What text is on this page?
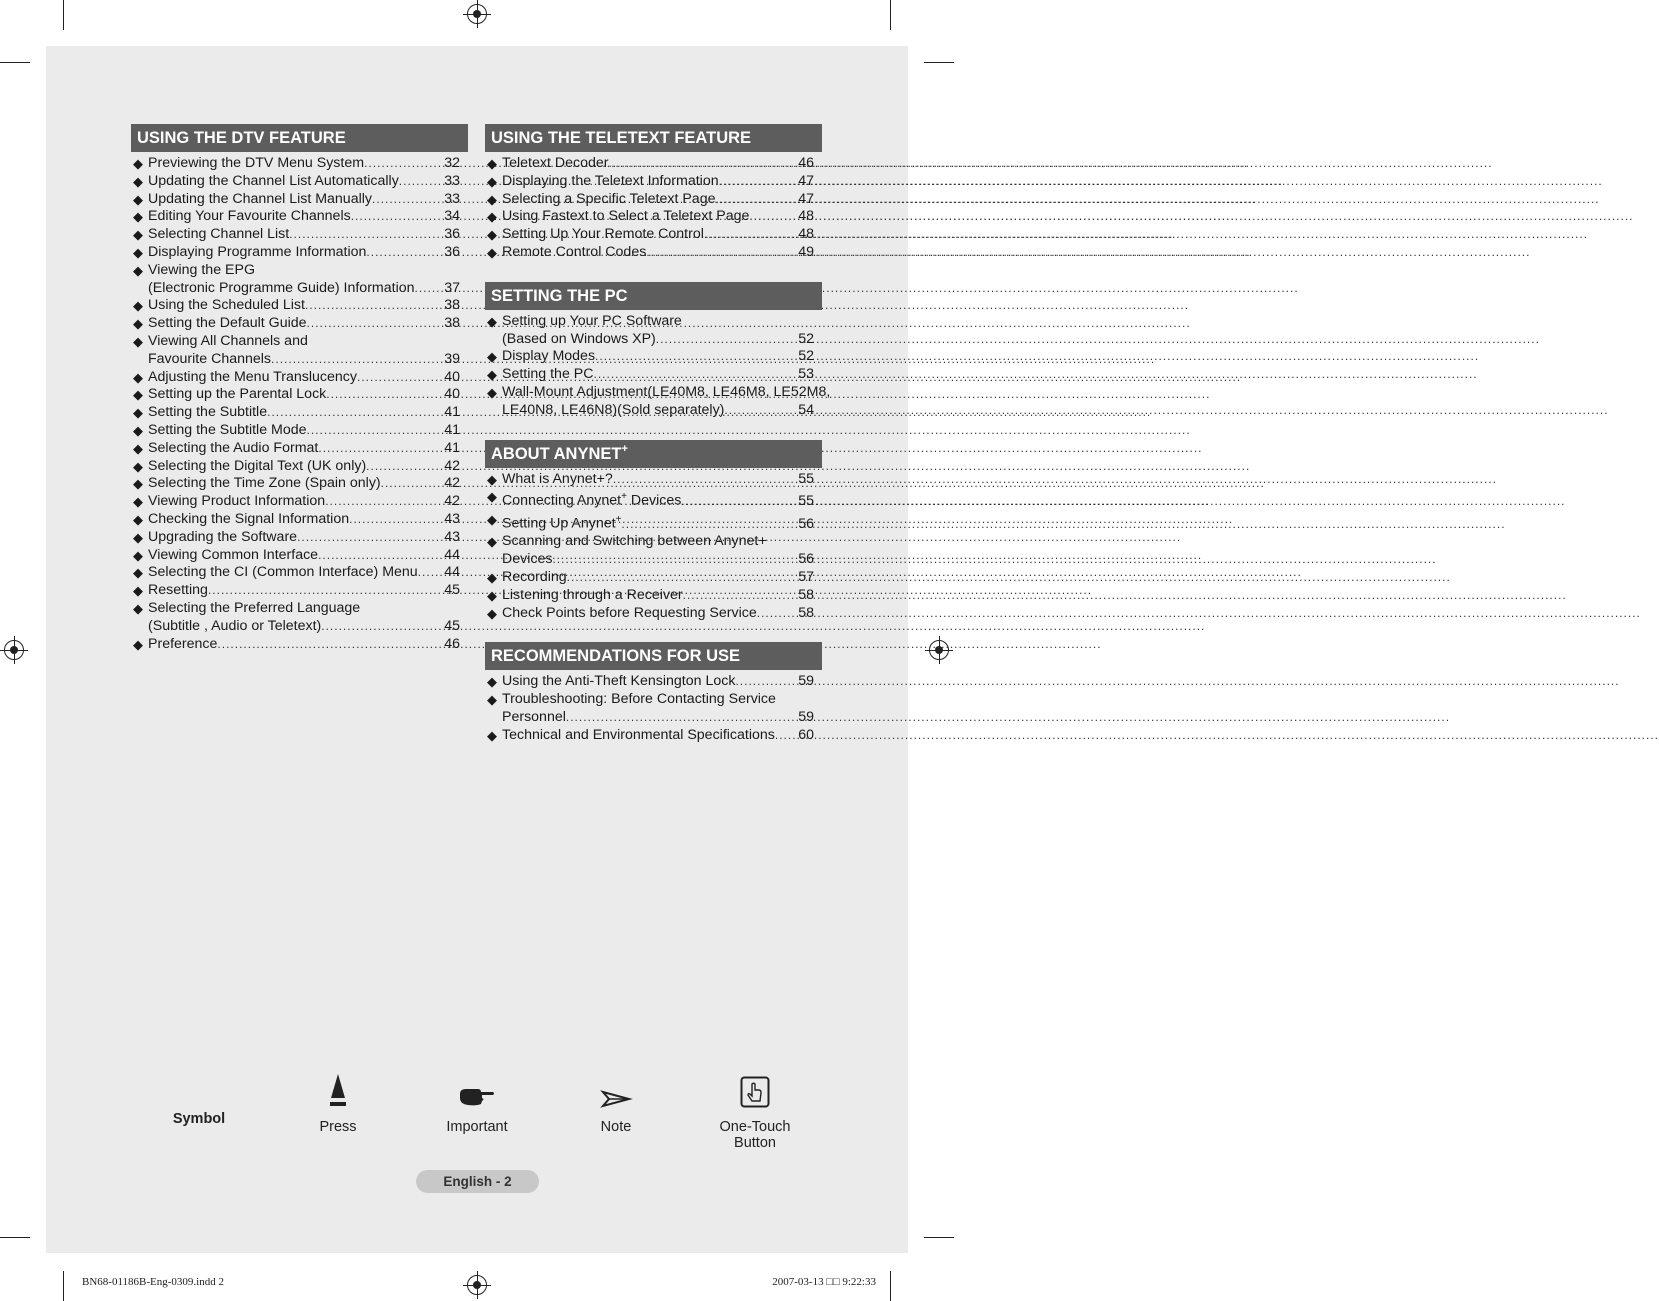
USING THE DTV FEATURE
◆ Previewing the DTV Menu System .....	32
◆ Updating the Channel List Automatically .....	33
◆ Updating the Channel List Manually .....	33
◆ Editing Your Favourite Channels .....	34
◆ Selecting Channel List .....	36
◆ Displaying Programme Information .....	36
◆ Viewing the EPG
(Electronic Programme Guide) Information ..... 37
◆ Using the Scheduled List .....	38
◆ Setting the Default Guide .....	38
◆ Viewing All Channels and
Favourite Channels .....	39
◆ Adjusting the Menu Translucency .....	40
◆ Setting up the Parental Lock .....	40
◆ Setting the Subtitle .....	41
◆ Setting the Subtitle Mode .....	41
◆ Selecting the Audio Format .....	41
◆ Selecting the Digital Text (UK only) .....	42
◆ Selecting the Time Zone (Spain only) .....	42
◆ Viewing Product Information .....	42
◆ Checking the Signal Information .....	43
◆ Upgrading the Software .....	43
◆ Viewing Common Interface .....	44
◆ Selecting the CI (Common Interface) Menu ..... 44
◆ Resetting .....	45
◆ Selecting the Preferred Language
(Subtitle , Audio or Teletext) .....	45
◆ Preference .....	46
USING THE TELETEXT FEATURE
◆ Teletext Decoder .....	46
◆ Displaying the Teletext Information .....	47
◆ Selecting a Specific Teletext Page .....	47
◆ Using Fastext to Select a Teletext Page .....	48
◆ Setting Up Your Remote Control .....	48
◆ Remote Control Codes .....	49
SETTING THE PC
◆ Setting up Your PC Software
(Based on Windows XP) .....	52
◆ Display Modes .....	52
◆ Setting the PC .....	53
◆ Wall-Mount Adjustment(LE40M8, LE46M8, LE52M8,
LE40N8, LE46N8)(Sold separately) .....	54
ABOUT ANYNET+
◆ What is Anynet+? .....	55
◆ Connecting Anynet+ Devices .....	55
◆ Setting Up Anynet+ .....	56
◆ Scanning and Switching between Anynet+
Devices .....	56
◆ Recording .....	57
◆ Listening through a Receiver .....	58
◆ Check Points before Requesting Service .....	58
RECOMMENDATIONS FOR USE
◆ Using the Anti-Theft Kensington Lock .....	59
◆ Troubleshooting: Before Contacting Service
Personnel .....	59
◆ Technical and Environmental Specifications ..... 60
Symbol	Press	Important	Note	One-Touch
Button
English - 2
BN68-01186B-Eng-0309.indd 2	2007-03-13 □□ 9:22:33
